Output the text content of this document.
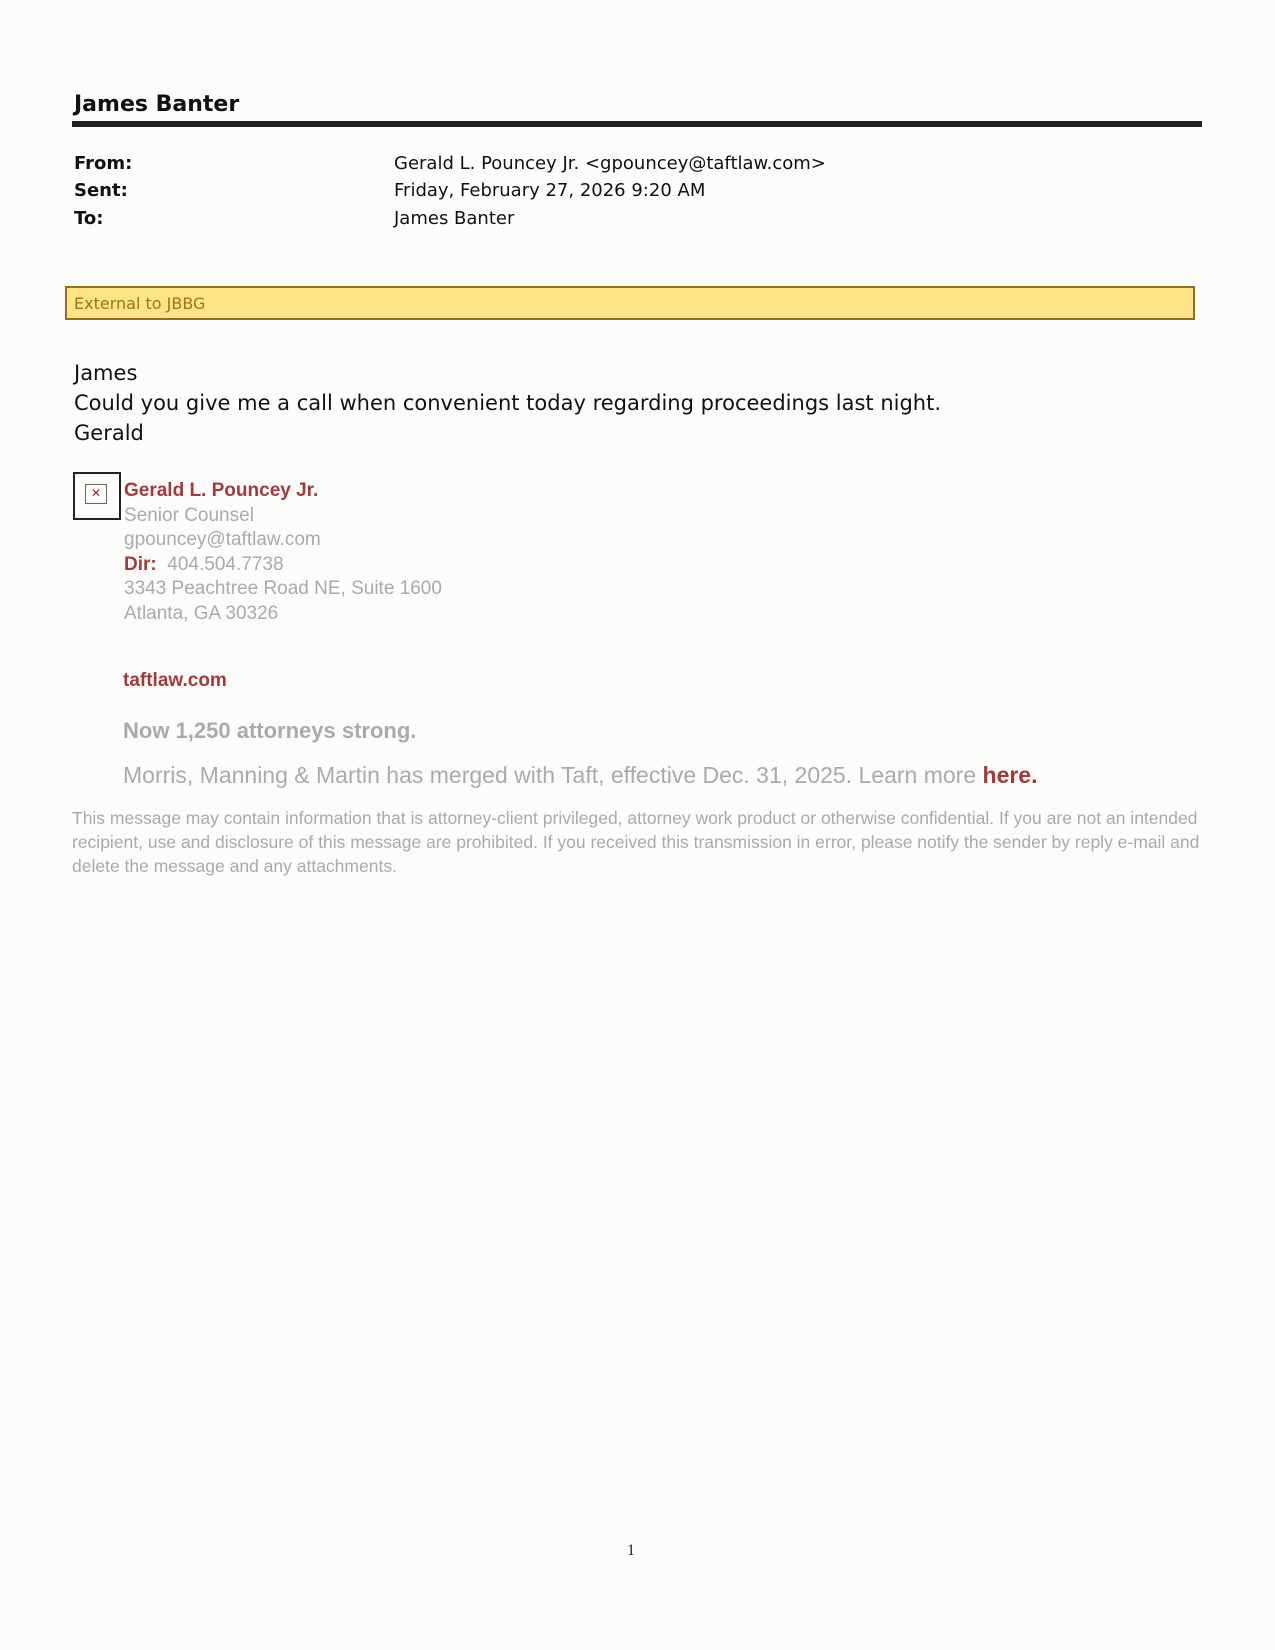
James Banter
From:	Gerald L. Pouncey Jr. <gpouncey@taftlaw.com>
Sent:	Friday, February 27, 2026 9:20 AM
To:	James Banter
External to JBBG
James
Could you give me a call when convenient today regarding proceedings last night.
Gerald
✕	Gerald L. Pouncey Jr.
Senior Counsel
gpouncey@taftlaw.com
Dir: 404.504.7738
3343 Peachtree Road NE, Suite 1600
Atlanta, GA 30326
taftlaw.com
Now 1,250 attorneys strong.
Morris, Manning & Martin has merged with Taft, effective Dec. 31, 2025. Learn more here.
This message may contain information that is attorney-client privileged, attorney work product or otherwise confidential. If you are not an intended recipient, use and disclosure of this message are prohibited. If you received this transmission in error, please notify the sender by reply e-mail and delete the message and any attachments.
1
